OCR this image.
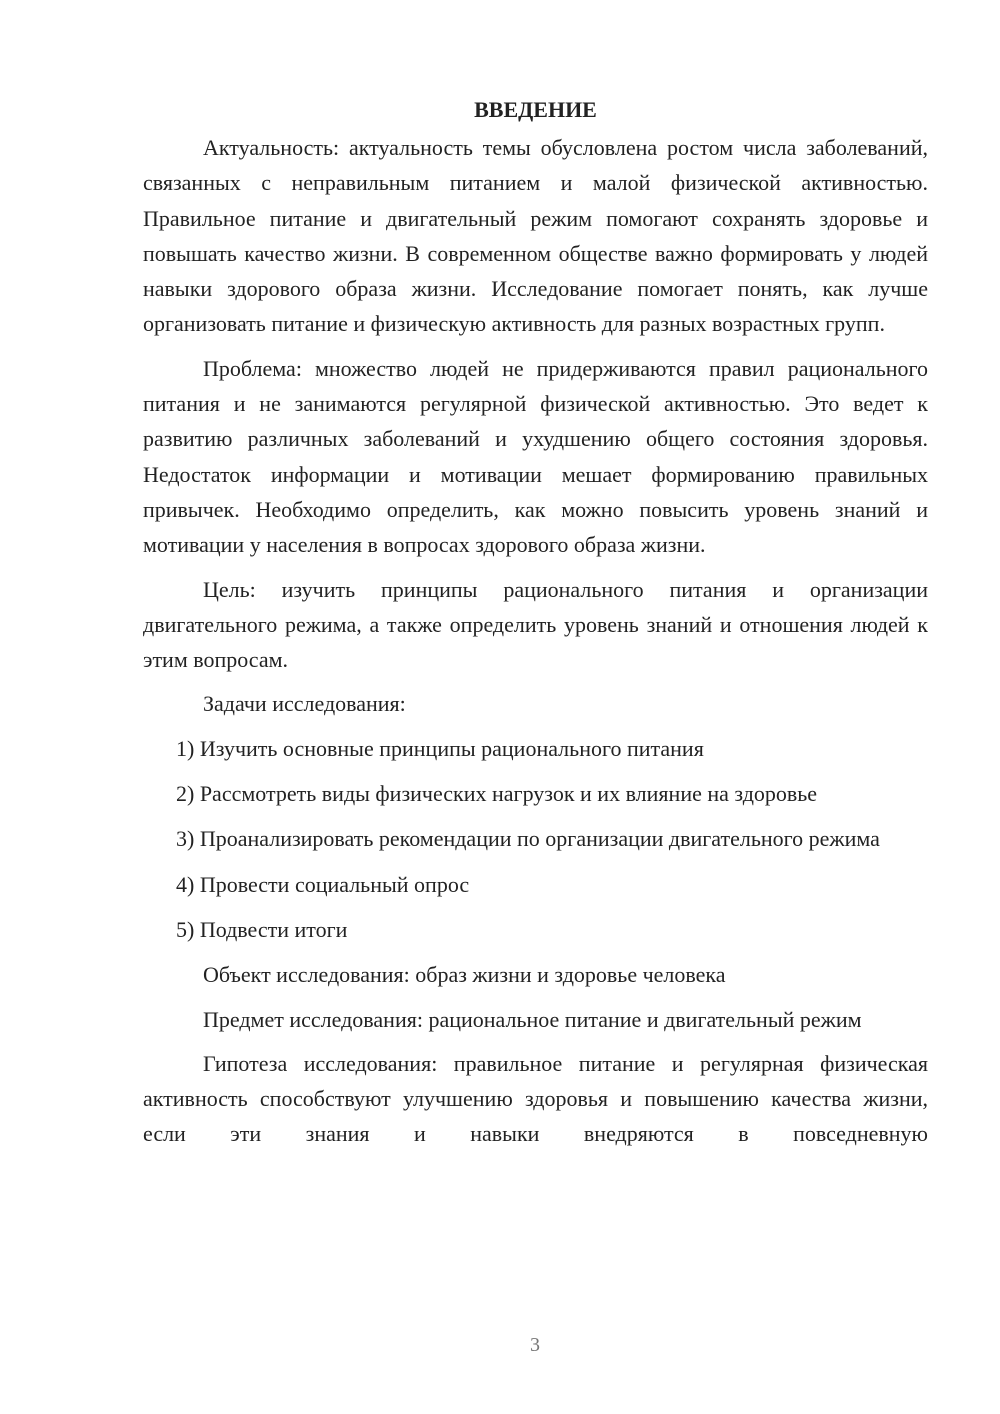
ВВЕДЕНИЕ

Актуальность: актуальность темы обусловлена ростом числа заболеваний, связанных с неправильным питанием и малой физической активностью. Правильное питание и двигательный режим помогают сохранять здоровье и повышать качество жизни. В современном обществе важно формировать у людей навыки здорового образа жизни. Исследование помогает понять, как лучше организовать питание и физическую активность для разных возрастных групп.

Проблема: множество людей не придерживаются правил рационального питания и не занимаются регулярной физической активностью. Это ведет к развитию различных заболеваний и ухудшению общего состояния здоровья. Недостаток информации и мотивации мешает формированию правильных привычек. Необходимо определить, как можно повысить уровень знаний и мотивации у населения в вопросах здорового образа жизни.

Цель: изучить принципы рационального питания и организации двигательного режима, а также определить уровень знаний и отношения людей к этим вопросам.

Задачи исследования:

1) Изучить основные принципы рационального питания

2) Рассмотреть виды физических нагрузок и их влияние на здоровье

3) Проанализировать рекомендации по организации двигательного режима

4) Провести социальный опрос

5) Подвести итоги

Объект исследования: образ жизни и здоровье человека

Предмет исследования: рациональное питание и двигательный режим

Гипотеза исследования: правильное питание и регулярная физическая активность способствуют улучшению здоровья и повышению качества жизни, если эти знания и навыки внедряются в повседневную

3
